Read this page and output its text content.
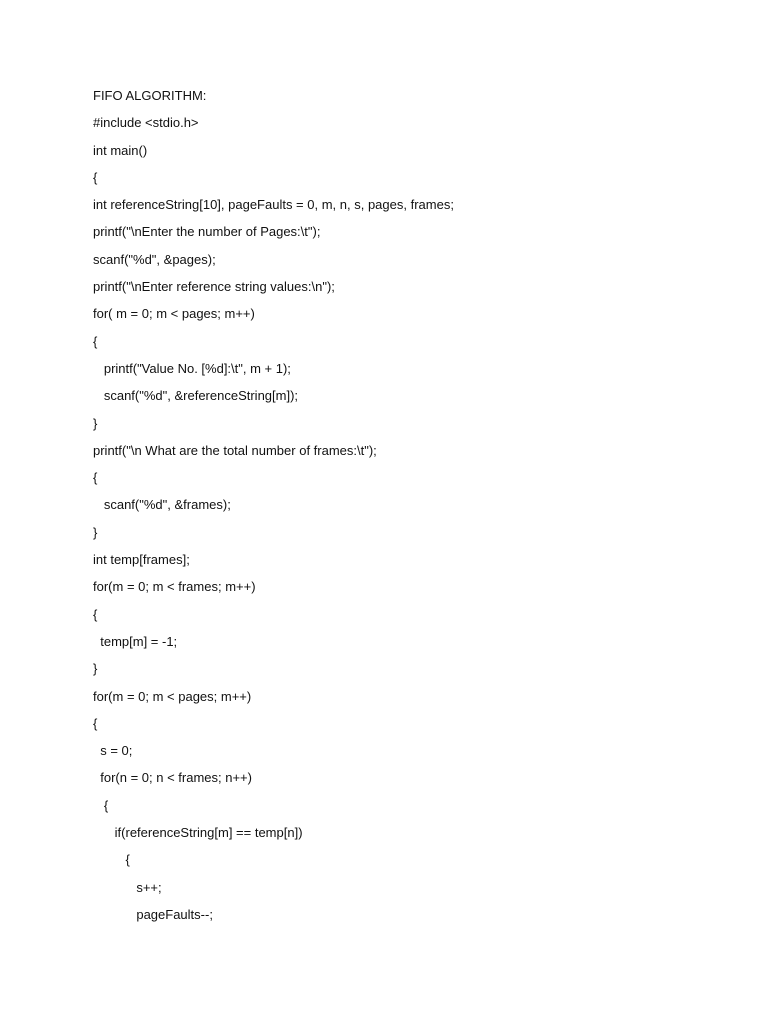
FIFO ALGORITHM:

#include <stdio.h>

int main()

{

int referenceString[10], pageFaults = 0, m, n, s, pages, frames;

printf("\nEnter the number of Pages:\t");

scanf("%d", &pages);

printf("\nEnter reference string values:\n");

for( m = 0; m < pages; m++)

{

printf("Value No. [%d]:\t", m + 1);

scanf("%d", &referenceString[m]);

}

printf("\n What are the total number of frames:\t");

{

scanf("%d", &frames);

}

int temp[frames];

for(m = 0; m < frames; m++)

{

temp[m] = -1;

}

for(m = 0; m < pages; m++)

{

s = 0;

for(n = 0; n < frames; n++)

{

if(referenceString[m] == temp[n])

{

s++;

pageFaults--;
